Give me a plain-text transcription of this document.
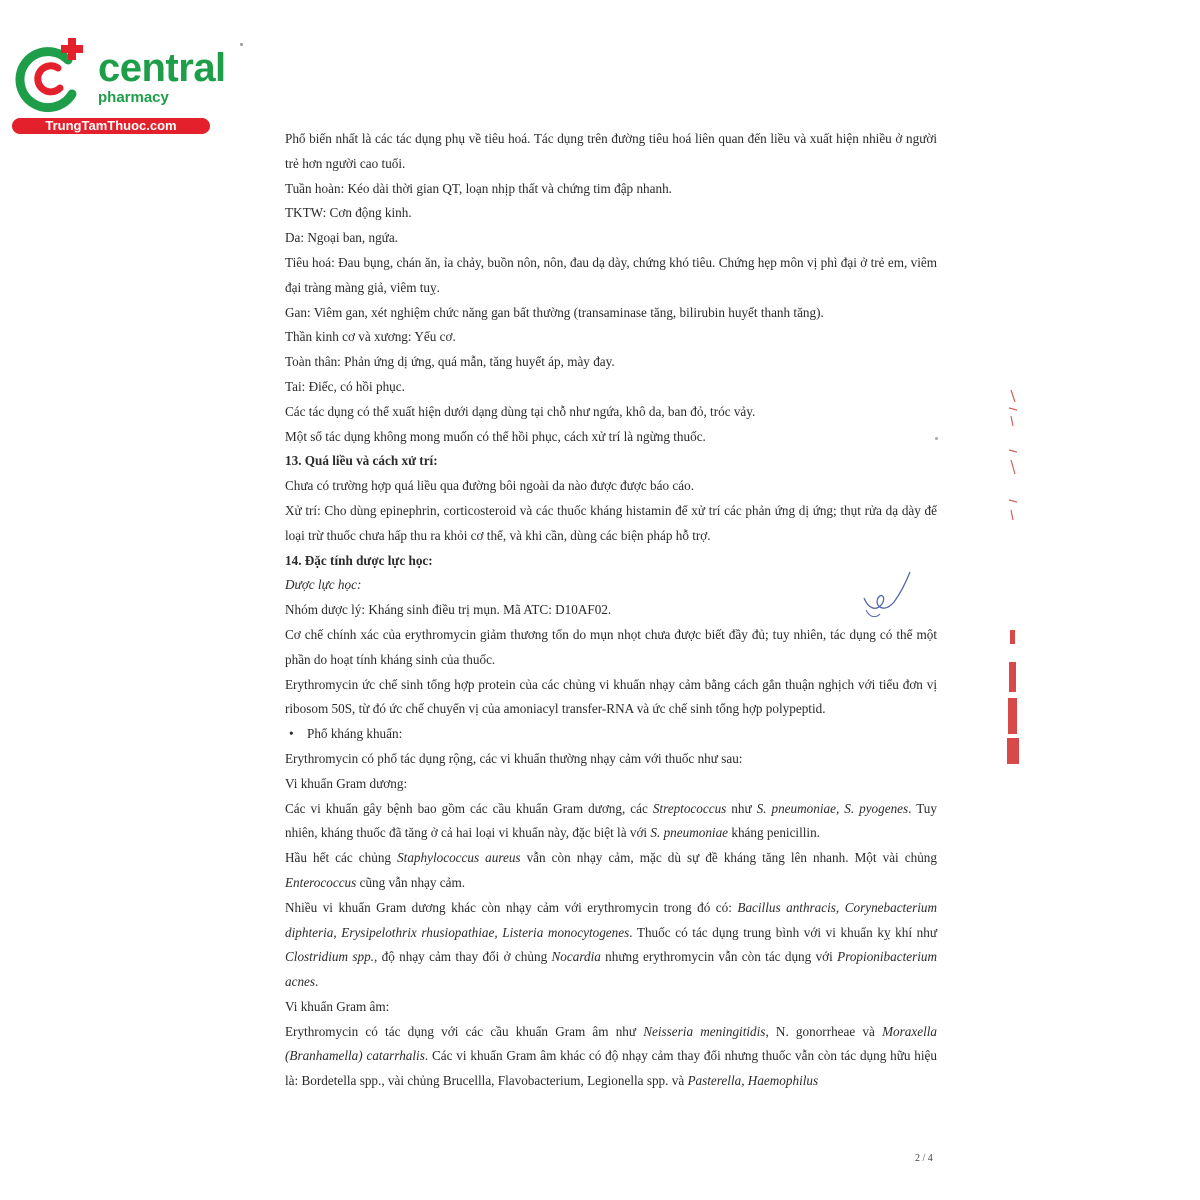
central
pharmacy
TrungTamThuoc.com

Phổ biến nhất là các tác dụng phụ về tiêu hoá. Tác dụng trên đường tiêu hoá liên quan đến liều và xuất hiện nhiều ở người trẻ hơn người cao tuổi.

Tuần hoàn: Kéo dài thời gian QT, loạn nhịp thất và chứng tim đập nhanh.

TKTW: Cơn động kinh.

Da: Ngoại ban, ngứa.

Tiêu hoá: Đau bụng, chán ăn, ỉa chảy, buồn nôn, nôn, đau dạ dày, chứng khó tiêu. Chứng hẹp môn vị phì đại ở trẻ em, viêm đại tràng màng giả, viêm tuỵ.

Gan: Viêm gan, xét nghiệm chức năng gan bất thường (transaminase tăng, bilirubin huyết thanh tăng).

Thần kinh cơ và xương: Yếu cơ.

Toàn thân: Phản ứng dị ứng, quá mẫn, tăng huyết áp, mày đay.

Tai: Điếc, có hồi phục.

Các tác dụng có thể xuất hiện dưới dạng dùng tại chỗ như ngứa, khô da, ban đỏ, tróc vảy.

Một số tác dụng không mong muốn có thể hồi phục, cách xử trí là ngừng thuốc.

13. Quá liều và cách xử trí:

Chưa có trường hợp quá liều qua đường bôi ngoài da nào được được báo cáo.

Xử trí: Cho dùng epinephrin, corticosteroid và các thuốc kháng histamin để xử trí các phản ứng dị ứng; thụt rửa dạ dày để loại trừ thuốc chưa hấp thu ra khỏi cơ thể, và khi cần, dùng các biện pháp hỗ trợ.

14. Đặc tính dược lực học:

Dược lực học:

Nhóm dược lý: Kháng sinh điều trị mụn. Mã ATC: D10AF02.

Cơ chế chính xác của erythromycin giảm thương tổn do mụn nhọt chưa được biết đầy đủ; tuy nhiên, tác dụng có thể một phần do hoạt tính kháng sinh của thuốc.

Erythromycin ức chế sinh tổng hợp protein của các chủng vi khuẩn nhạy cảm bằng cách gắn thuận nghịch với tiểu đơn vị ribosom 50S, từ đó ức chế chuyển vị của amoniacyl transfer-RNA và ức chế sinh tổng hợp polypeptid.

• Phổ kháng khuẩn:

Erythromycin có phổ tác dụng rộng, các vi khuẩn thường nhạy cảm với thuốc như sau:

Vi khuẩn Gram dương:

Các vi khuẩn gây bệnh bao gồm các cầu khuẩn Gram dương, các Streptococcus như S. pneumoniae, S. pyogenes. Tuy nhiên, kháng thuốc đã tăng ở cả hai loại vi khuẩn này, đặc biệt là với S. pneumoniae kháng penicillin.

Hầu hết các chủng Staphylococcus aureus vẫn còn nhạy cảm, mặc dù sự đề kháng tăng lên nhanh. Một vài chủng Enterococcus cũng vẫn nhạy cảm.

Nhiều vi khuẩn Gram dương khác còn nhạy cảm với erythromycin trong đó có: Bacillus anthracis, Corynebacterium diphteria, Erysipelothrix rhusiopathiae, Listeria monocytogenes. Thuốc có tác dụng trung bình với vi khuẩn kỵ khí như Clostridium spp., độ nhạy cảm thay đổi ở chủng Nocardia nhưng erythromycin vẫn còn tác dụng với Propionibacterium acnes.

Vi khuẩn Gram âm:

Erythromycin có tác dụng với các cầu khuẩn Gram âm như Neisseria meningitidis, N. gonorrheae và Moraxella (Branhamella) catarrhalis. Các vi khuẩn Gram âm khác có độ nhạy cảm thay đổi nhưng thuốc vẫn còn tác dụng hữu hiệu là: Bordetella spp., vài chủng Brucellla, Flavobacterium, Legionella spp. và Pasterella, Haemophilus

2 / 4
